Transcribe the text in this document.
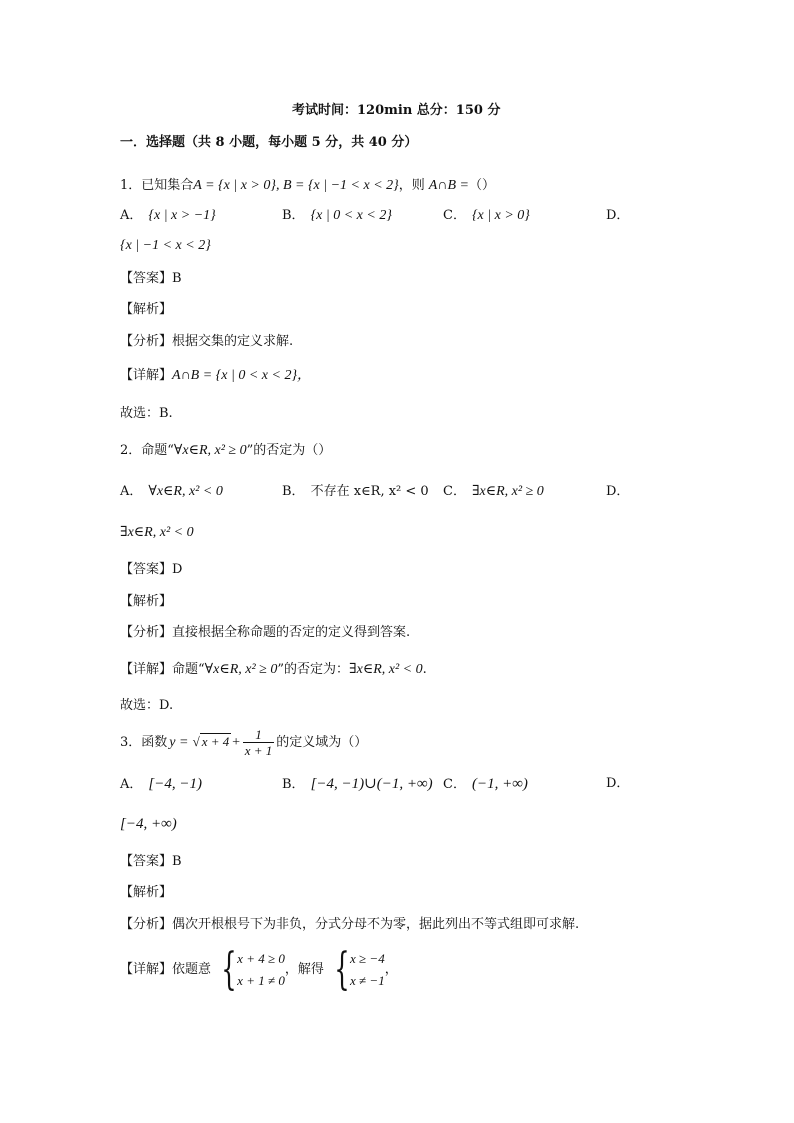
考试时间：120min 总分：150 分
一．选择题（共 8 小题，每小题 5 分，共 40 分）
1．已知集合A = {x | x > 0}, B = {x | −1 < x < 2}，则 A∩B =（）
A． {x | x > −1}	B． {x | 0 < x < 2}	C． {x | x > 0}	D．
{x | −1 < x < 2}
【答案】B
【解析】
【分析】根据交集的定义求解.
【详解】A∩B = {x | 0 < x < 2}，
故选：B.
2．命题“∀x∈R, x² ≥ 0”的否定为（）
A． ∀x∈R, x² < 0	B． 不存在 x∈R, x² < 0 C． ∃x∈R, x² ≥ 0	D．
∃x∈R, x² < 0
【答案】D
【解析】
【分析】直接根据全称命题的否定的定义得到答案.
【详解】命题“∀x∈R, x² ≥ 0”的否定为：∃x∈R, x² < 0.
故选：D.
3．函数 y = √ $x + 4 + \frac{1}{x + 1}$ 的定义域为（）
A． [−4, −1)	B． [−4, −1)∪(−1, +∞) C． (−1, +∞)	D．
[−4, +∞)
【答案】B
【解析】
【分析】偶次开根根号下为非负，分式分母不为零，据此列出不等式组即可求解.
【详解】依题意 { x + 4 ≥ 0
x + 1 ≠ 0
，解得 { x ≥ −4
x ≠ −1
，
